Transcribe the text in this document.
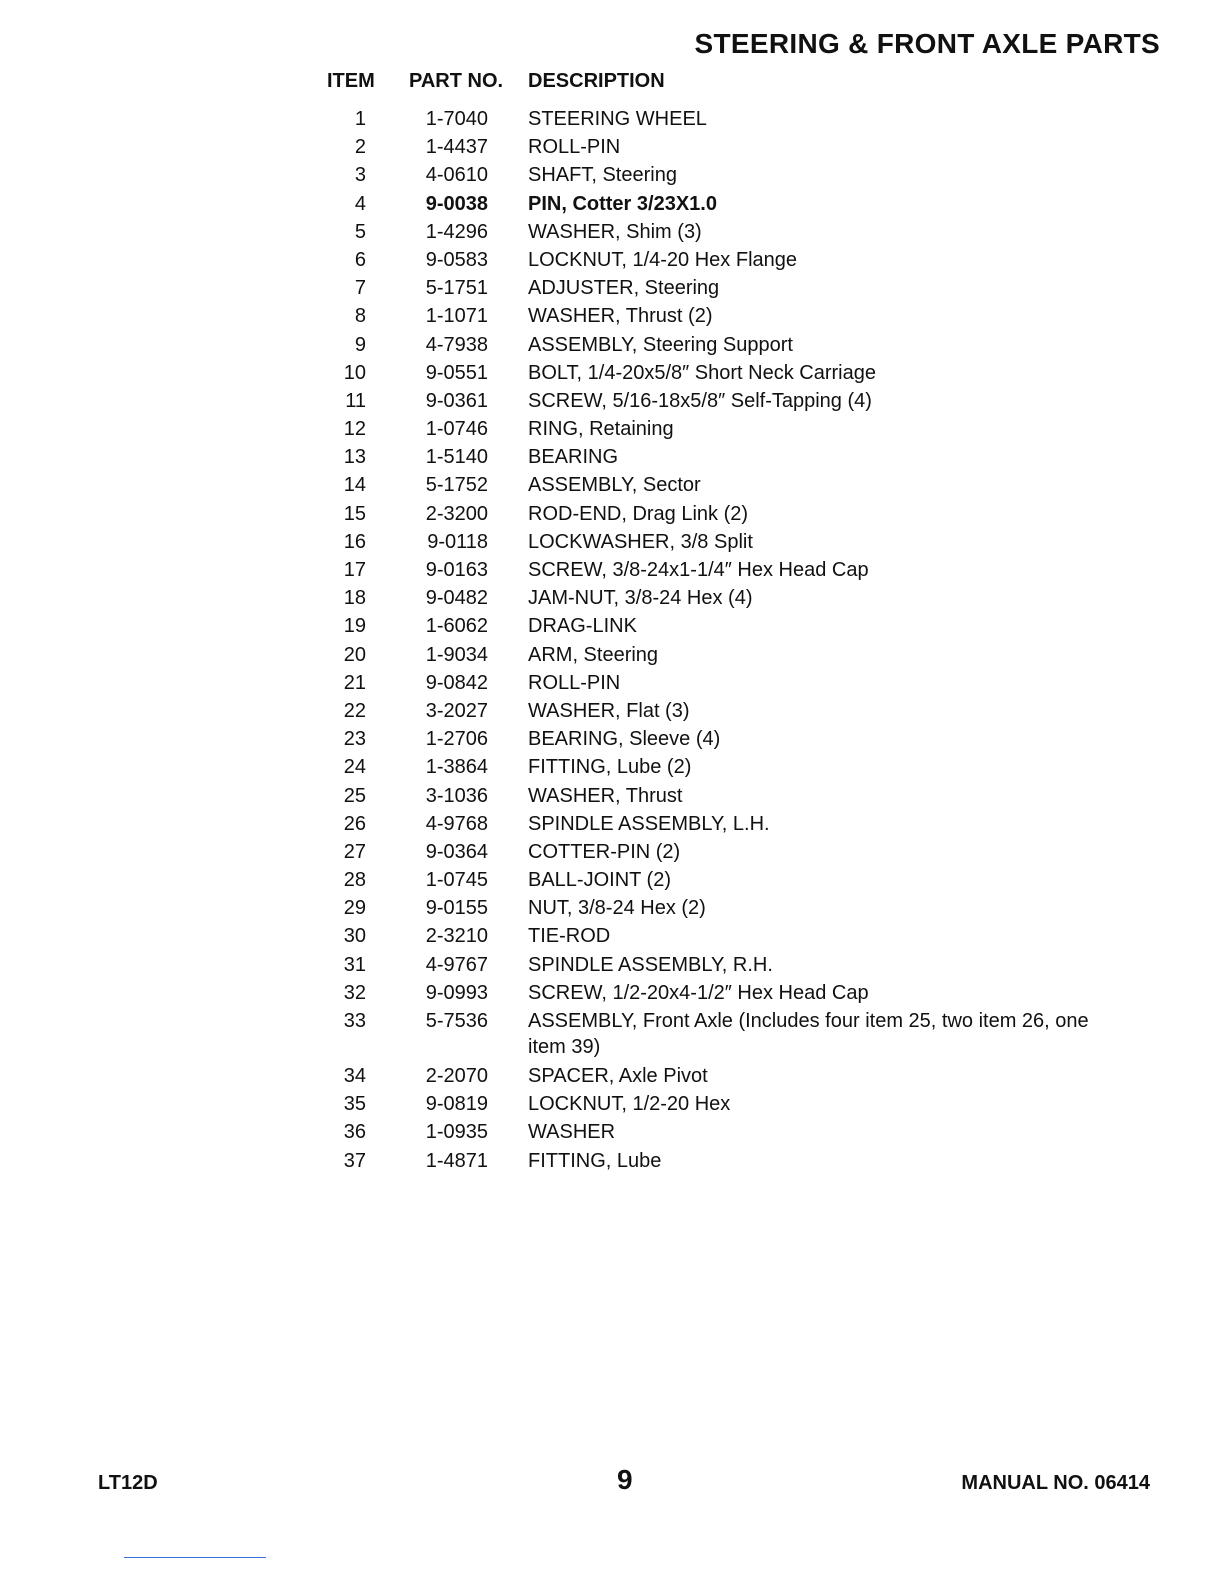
STEERING & FRONT AXLE PARTS
ITEM PART NO. DESCRIPTION
1	1-7040 STEERING WHEEL
2	1-4437 ROLL-PIN
3	4-0610 SHAFT, Steering
4	9-0038 PIN, Cotter 3/23X1.0
5	1-4296 WASHER, Shim (3)
6	9-0583 LOCKNUT, 1/4-20 Hex Flange
7	5-1751 ADJUSTER, Steering
8	1-1071 WASHER, Thrust (2)
9	4-7938 ASSEMBLY, Steering Support
10	9-0551 BOLT, 1/4-20x5/8″ Short Neck Carriage
11	9-0361 SCREW, 5/16-18x5/8″ Self-Tapping (4)
12	1-0746 RING, Retaining
13	1-5140 BEARING
14	5-1752 ASSEMBLY, Sector
15	2-3200 ROD-END, Drag Link (2)
16	9-0118 LOCKWASHER, 3/8 Split
17	9-0163 SCREW, 3/8-24x1-1/4″ Hex Head Cap
18	9-0482 JAM-NUT, 3/8-24 Hex (4)
19	1-6062 DRAG-LINK
20	1-9034 ARM, Steering
21	9-0842 ROLL-PIN
22	3-2027 WASHER, Flat (3)
23	1-2706 BEARING, Sleeve (4)
24	1-3864 FITTING, Lube (2)
25	3-1036 WASHER, Thrust
26	4-9768 SPINDLE ASSEMBLY, L.H.
27	9-0364 COTTER-PIN (2)
28	1-0745 BALL-JOINT (2)
29	9-0155 NUT, 3/8-24 Hex (2)
30	2-3210 TIE-ROD
31	4-9767 SPINDLE ASSEMBLY, R.H.
32	9-0993 SCREW, 1/2-20x4-1/2″ Hex Head Cap
33	5-7536 ASSEMBLY, Front Axle (Includes four item 25, two item 26, one item 39)
34	2-2070 SPACER, Axle Pivot
35	9-0819 LOCKNUT, 1/2-20 Hex
36	1-0935 WASHER
37	1-4871 FITTING, Lube
LT12D	9	MANUAL NO. 06414
